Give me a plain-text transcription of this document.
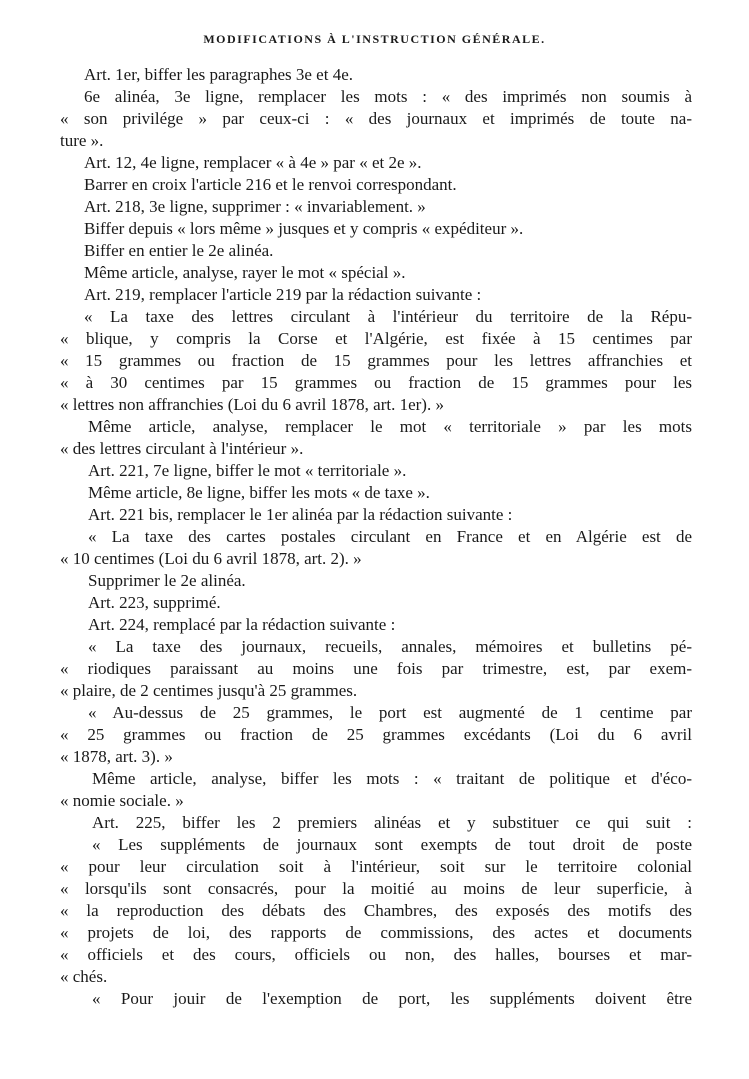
MODIFICATIONS À L'INSTRUCTION GÉNÉRALE.
Art. 1er, biffer les paragraphes 3e et 4e.
6e alinéa, 3e ligne, remplacer les mots : « des imprimés non soumis à
« son privilége » par ceux-ci : « des journaux et imprimés de toute na-
ture ».
Art. 12, 4e ligne, remplacer « à 4e » par « et 2e ».
Barrer en croix l'article 216 et le renvoi correspondant.
Art. 218, 3e ligne, supprimer : « invariablement. »
Biffer depuis « lors même » jusques et y compris « expéditeur ».
Biffer en entier le 2e alinéa.
Même article, analyse, rayer le mot « spécial ».
Art. 219, remplacer l'article 219 par la rédaction suivante :
« La taxe des lettres circulant à l'intérieur du territoire de la Répu-
« blique, y compris la Corse et l'Algérie, est fixée à 15 centimes par
« 15 grammes ou fraction de 15 grammes pour les lettres affranchies et
« à 30 centimes par 15 grammes ou fraction de 15 grammes pour les
« lettres non affranchies (Loi du 6 avril 1878, art. 1er). »
Même article, analyse, remplacer le mot « territoriale » par les mots
« des lettres circulant à l'intérieur ».
Art. 221, 7e ligne, biffer le mot « territoriale ».
Même article, 8e ligne, biffer les mots « de taxe ».
Art. 221 bis, remplacer le 1er alinéa par la rédaction suivante :
« La taxe des cartes postales circulant en France et en Algérie est de
« 10 centimes (Loi du 6 avril 1878, art. 2). »
Supprimer le 2e alinéa.
Art. 223, supprimé.
Art. 224, remplacé par la rédaction suivante :
« La taxe des journaux, recueils, annales, mémoires et bulletins pé-
« riodiques paraissant au moins une fois par trimestre, est, par exem-
« plaire, de 2 centimes jusqu'à 25 grammes.
« Au-dessus de 25 grammes, le port est augmenté de 1 centime par
« 25 grammes ou fraction de 25 grammes excédants (Loi du 6 avril
« 1878, art. 3). »
Même article, analyse, biffer les mots : « traitant de politique et d'éco-
« nomie sociale. »
Art. 225, biffer les 2 premiers alinéas et y substituer ce qui suit :
« Les suppléments de journaux sont exempts de tout droit de poste
« pour leur circulation soit à l'intérieur, soit sur le territoire colonial
« lorsqu'ils sont consacrés, pour la moitié au moins de leur superficie, à
« la reproduction des débats des Chambres, des exposés des motifs des
« projets de loi, des rapports de commissions, des actes et documents
« officiels et des cours, officiels ou non, des halles, bourses et mar-
« chés.
« Pour jouir de l'exemption de port, les suppléments doivent être
